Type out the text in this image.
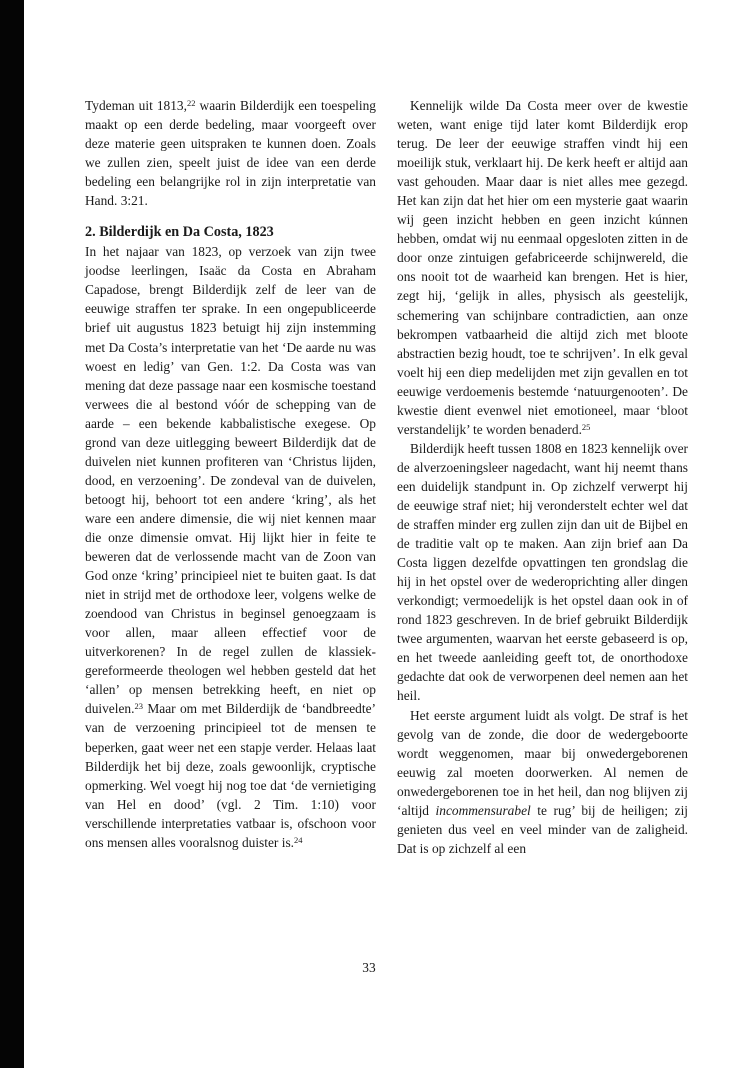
Tydeman uit 1813,22 waarin Bilderdijk een toespeling maakt op een derde bedeling, maar voorgeeft over deze materie geen uitspraken te kunnen doen. Zoals we zullen zien, speelt juist de idee van een derde bedeling een belangrijke rol in zijn interpretatie van Hand. 3:21.

2. Bilderdijk en Da Costa, 1823

In het najaar van 1823, op verzoek van zijn twee joodse leerlingen, Isaäc da Costa en Abraham Capadose, brengt Bilderdijk zelf de leer van de eeuwige straffen ter sprake. In een ongepubliceerde brief uit augustus 1823 betuigt hij zijn instemming met Da Costa’s interpretatie van het ‘De aarde nu was woest en ledig’ van Gen. 1:2. Da Costa was van mening dat deze passage naar een kosmische toestand verwees die al bestond vóór de schepping van de aarde – een bekende kabbalistische exegese. Op grond van deze uitlegging beweert Bilderdijk dat de duivelen niet kunnen profiteren van ‘Christus lijden, dood, en verzoening’. De zondeval van de duivelen, betoogt hij, behoort tot een andere ‘kring’, als het ware een andere dimensie, die wij niet kennen maar die onze dimensie omvat. Hij lijkt hier in feite te beweren dat de verlossende macht van de Zoon van God onze ‘kring’ principieel niet te buiten gaat. Is dat niet in strijd met de orthodoxe leer, volgens welke de zoendood van Christus in beginsel genoegzaam is voor allen, maar alleen effectief voor de uitverkorenen? In de regel zullen de klassiek-gereformeerde theologen wel hebben gesteld dat het ‘allen’ op mensen betrekking heeft, en niet op duivelen.$^{23}$ Maar om met Bilderdijk de ‘bandbreedte’ van de verzoening principieel tot de mensen te beperken, gaat weer net een stapje verder. Helaas laat Bilderdijk het bij deze, zoals gewoonlijk, cryptische opmerking. Wel voegt hij nog toe dat ‘de vernietiging van Hel en dood’ (vgl. 2 Tim. 1:10) voor verschillende interpretaties vatbaar is, ofschoon voor ons mensen alles vooralsnog duister is.$^{24}$

Kennelijk wilde Da Costa meer over de kwestie weten, want enige tijd later komt Bilderdijk erop terug. De leer der eeuwige straffen vindt hij een moeilijk stuk, verklaart hij. De kerk heeft er altijd aan vast gehouden. Maar daar is niet alles mee gezegd. Het kan zijn dat het hier om een mysterie gaat waarin wij geen inzicht hebben en geen inzicht kúnnen hebben, omdat wij nu eenmaal opgesloten zitten in de door onze zintuigen gefabriceerde schijnwereld, die ons nooit tot de waarheid kan brengen. Het is hier, zegt hij, ‘gelijk in alles, physisch als geestelijk, schemering van schijnbare contradictien, aan onze bekrompen vatbaarheid die altijd zich met bloote abstractien bezig houdt, toe te schrijven’. In elk geval voelt hij een diep medelijden met zijn gevallen en tot eeuwige verdoemenis bestemde ‘natuurgenooten’. De kwestie dient evenwel niet emotioneel, maar ‘bloot verstandelijk’ te worden benaderd.$^{25}$

Bilderdijk heeft tussen 1808 en 1823 kennelijk over de alverzoeningsleer nagedacht, want hij neemt thans een duidelijk standpunt in. Op zichzelf verwerpt hij de eeuwige straf niet; hij veronderstelt echter wel dat de straffen minder erg zullen zijn dan uit de Bijbel en de traditie valt op te maken. Aan zijn brief aan Da Costa liggen dezelfde opvattingen ten grondslag die hij in het opstel over de wederoprichting aller dingen verkondigt; vermoedelijk is het opstel daan ook in of rond 1823 geschreven. In de brief gebruikt Bilderdijk twee argumenten, waarvan het eerste gebaseerd is op, en het tweede aanleiding geeft tot, de onorthodoxe gedachte dat ook de verworpenen deel nemen aan het heil.

Het eerste argument luidt als volgt. De straf is het gevolg van de zonde, die door de wedergeboorte wordt weggenomen, maar bij onwedergeborenen eeuwig zal moeten doorwerken. Al nemen de onwedergeborenen toe in het heil, dan nog blijven zij ‘altijd incommensurabel te rug’ bij de heiligen; zij genieten dus veel en veel minder van de zaligheid. Dat is op zichzelf al een

33
